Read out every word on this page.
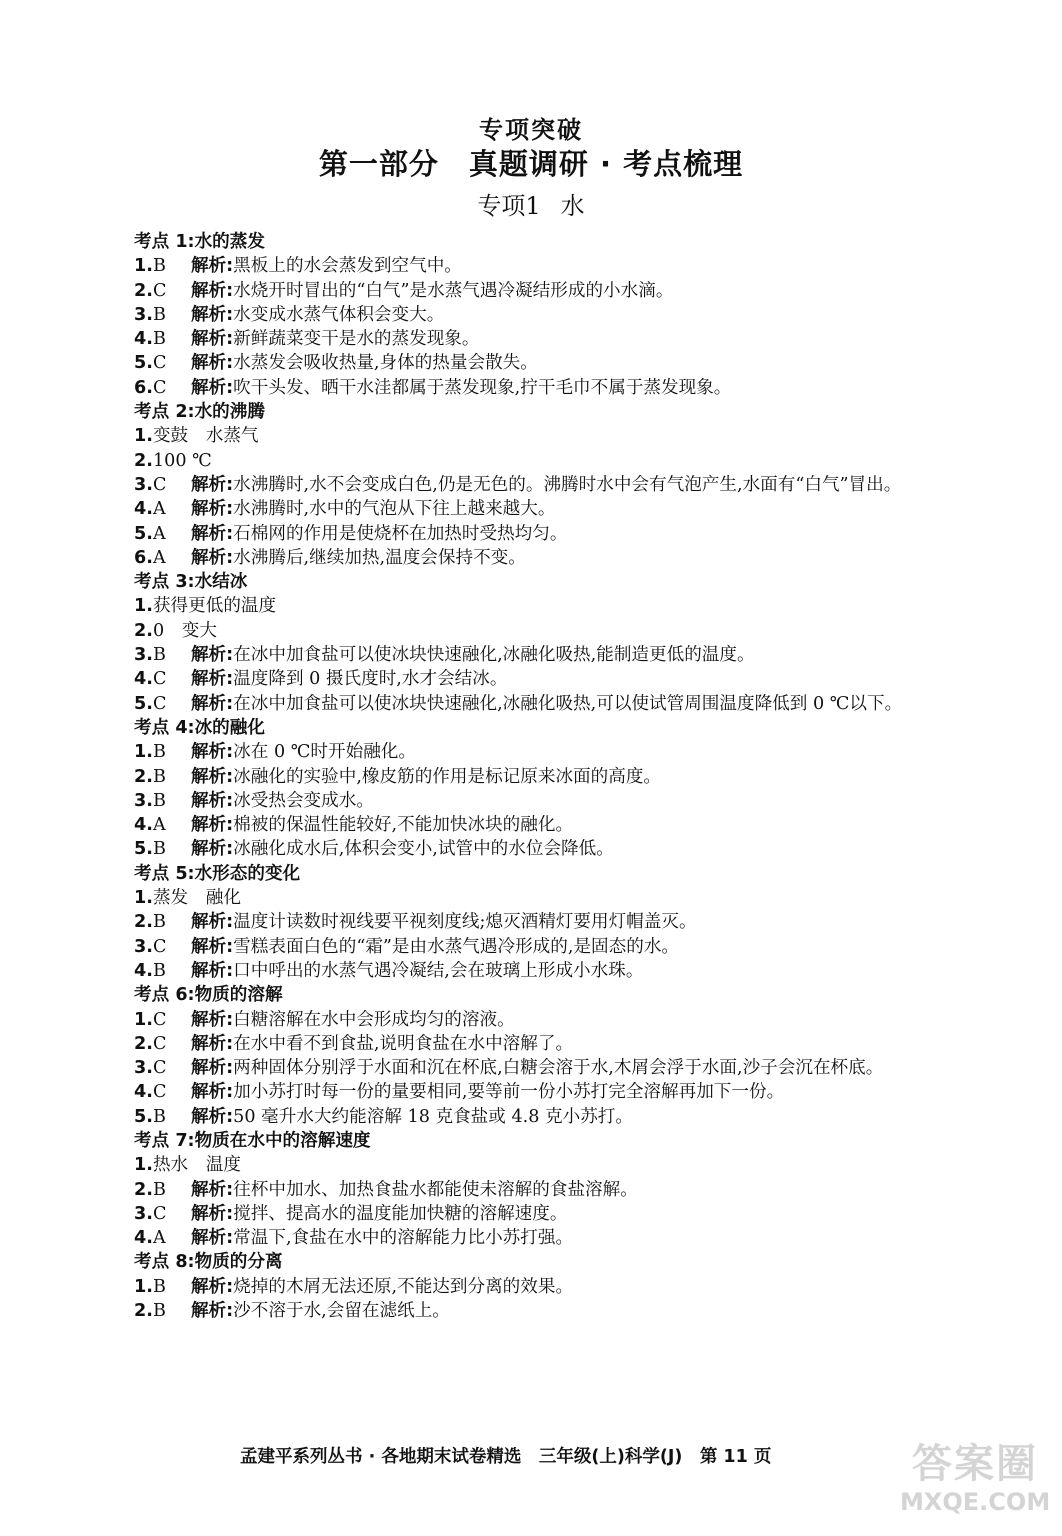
专项突破
第一部分　真题调研 · 考点梳理
专项1 水
考点 1:水的蒸发
1.B 解析:黑板上的水会蒸发到空气中。
2.C 解析:水烧开时冒出的“白气”是水蒸气遇冷凝结形成的小水滴。
3.B 解析:水变成水蒸气体积会变大。
4.B 解析:新鲜蔬菜变干是水的蒸发现象。
5.C 解析:水蒸发会吸收热量,身体的热量会散失。
6.C 解析:吹干头发、晒干水洼都属于蒸发现象,拧干毛巾不属于蒸发现象。
考点 2:水的沸腾
1.变鼓　水蒸气
2.100 ℃
3.C 解析:水沸腾时,水不会变成白色,仍是无色的。沸腾时水中会有气泡产生,水面有“白气”冒出。
4.A 解析:水沸腾时,水中的气泡从下往上越来越大。
5.A 解析:石棉网的作用是使烧杯在加热时受热均匀。
6.A 解析:水沸腾后,继续加热,温度会保持不变。
考点 3:水结冰
1.获得更低的温度
2.0　变大
3.B 解析:在冰中加食盐可以使冰块快速融化,冰融化吸热,能制造更低的温度。
4.C 解析:温度降到 0 摄氏度时,水才会结冰。
5.C 解析:在冰中加食盐可以使冰块快速融化,冰融化吸热,可以使试管周围温度降低到 0 ℃以下。
考点 4:冰的融化
1.B 解析:冰在 0 ℃时开始融化。
2.B 解析:冰融化的实验中,橡皮筋的作用是标记原来冰面的高度。
3.B 解析:冰受热会变成水。
4.A 解析:棉被的保温性能较好,不能加快冰块的融化。
5.B 解析:冰融化成水后,体积会变小,试管中的水位会降低。
考点 5:水形态的变化
1.蒸发　融化
2.B 解析:温度计读数时视线要平视刻度线;熄灭酒精灯要用灯帽盖灭。
3.C 解析:雪糕表面白色的“霜”是由水蒸气遇冷形成的,是固态的水。
4.B 解析:口中呼出的水蒸气遇冷凝结,会在玻璃上形成小水珠。
考点 6:物质的溶解
1.C 解析:白糖溶解在水中会形成均匀的溶液。
2.C 解析:在水中看不到食盐,说明食盐在水中溶解了。
3.C 解析:两种固体分别浮于水面和沉在杯底,白糖会溶于水,木屑会浮于水面,沙子会沉在杯底。
4.C 解析:加小苏打时每一份的量要相同,要等前一份小苏打完全溶解再加下一份。
5.B 解析:50 毫升水大约能溶解 18 克食盐或 4.8 克小苏打。
考点 7:物质在水中的溶解速度
1.热水　温度
2.B 解析:往杯中加水、加热食盐水都能使未溶解的食盐溶解。
3.C 解析:搅拌、提高水的温度能加快糖的溶解速度。
4.A 解析:常温下,食盐在水中的溶解能力比小苏打强。
考点 8:物质的分离
1.B 解析:烧掉的木屑无法还原,不能达到分离的效果。
2.B 解析:沙不溶于水,会留在滤纸上。
孟建平系列丛书 · 各地期末试卷精选　三年级(上)科学(J)　第 11 页	答案圈
MXQE.COM
